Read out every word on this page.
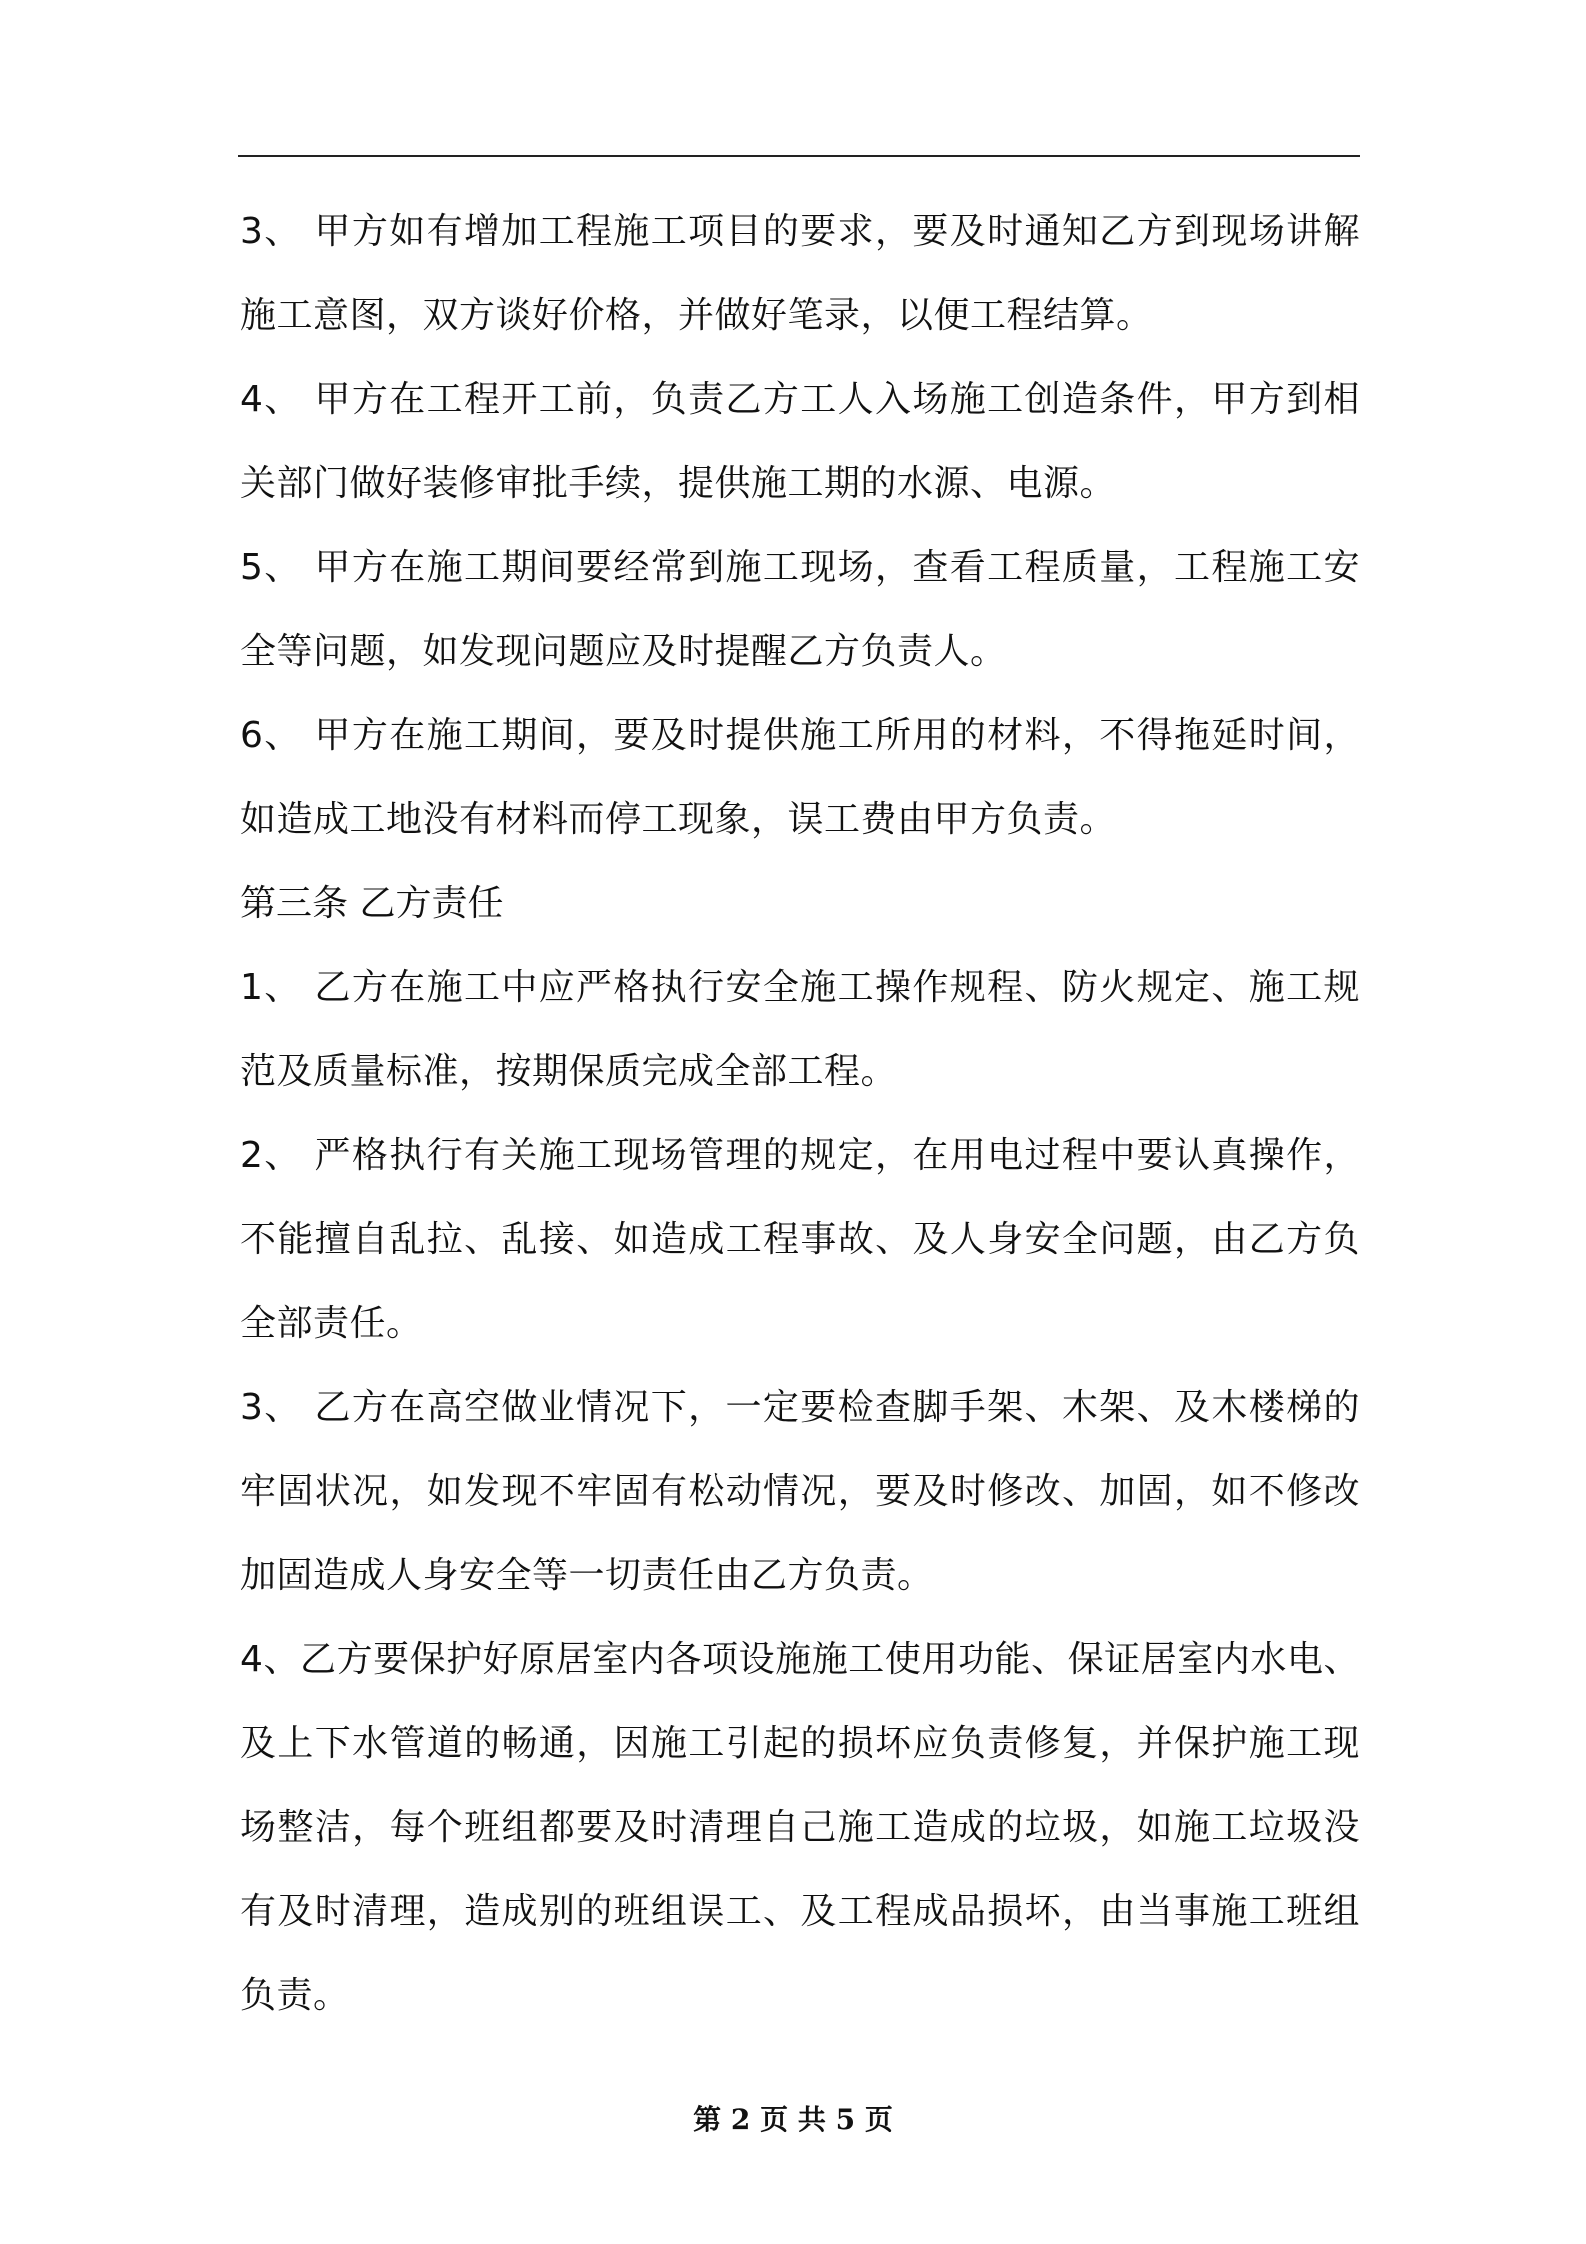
3、 甲方如有增加工程施工项目的要求，要及时通知乙方到现场讲解施工意图，双方谈好价格，并做好笔录，以便工程结算。

4、 甲方在工程开工前，负责乙方工人入场施工创造条件，甲方到相关部门做好装修审批手续，提供施工期的水源、电源。

5、 甲方在施工期间要经常到施工现场，查看工程质量，工程施工安全等问题，如发现问题应及时提醒乙方负责人。

6、 甲方在施工期间，要及时提供施工所用的材料，不得拖延时间，如造成工地没有材料而停工现象，误工费由甲方负责。

第三条 乙方责任

1、 乙方在施工中应严格执行安全施工操作规程、防火规定、施工规范及质量标准，按期保质完成全部工程。

2、 严格执行有关施工现场管理的规定，在用电过程中要认真操作，不能擅自乱拉、乱接、如造成工程事故、及人身安全问题，由乙方负全部责任。

3、 乙方在高空做业情况下，一定要检查脚手架、木架、及木楼梯的牢固状况，如发现不牢固有松动情况，要及时修改、加固，如不修改加固造成人身安全等一切责任由乙方负责。

4、乙方要保护好原居室内各项设施施工使用功能、保证居室内水电、及上下水管道的畅通，因施工引起的损坏应负责修复，并保护施工现场整洁，每个班组都要及时清理自己施工造成的垃圾，如施工垃圾没有及时清理，造成别的班组误工、及工程成品损坏，由当事施工班组负责。

第 2 页 共 5 页
